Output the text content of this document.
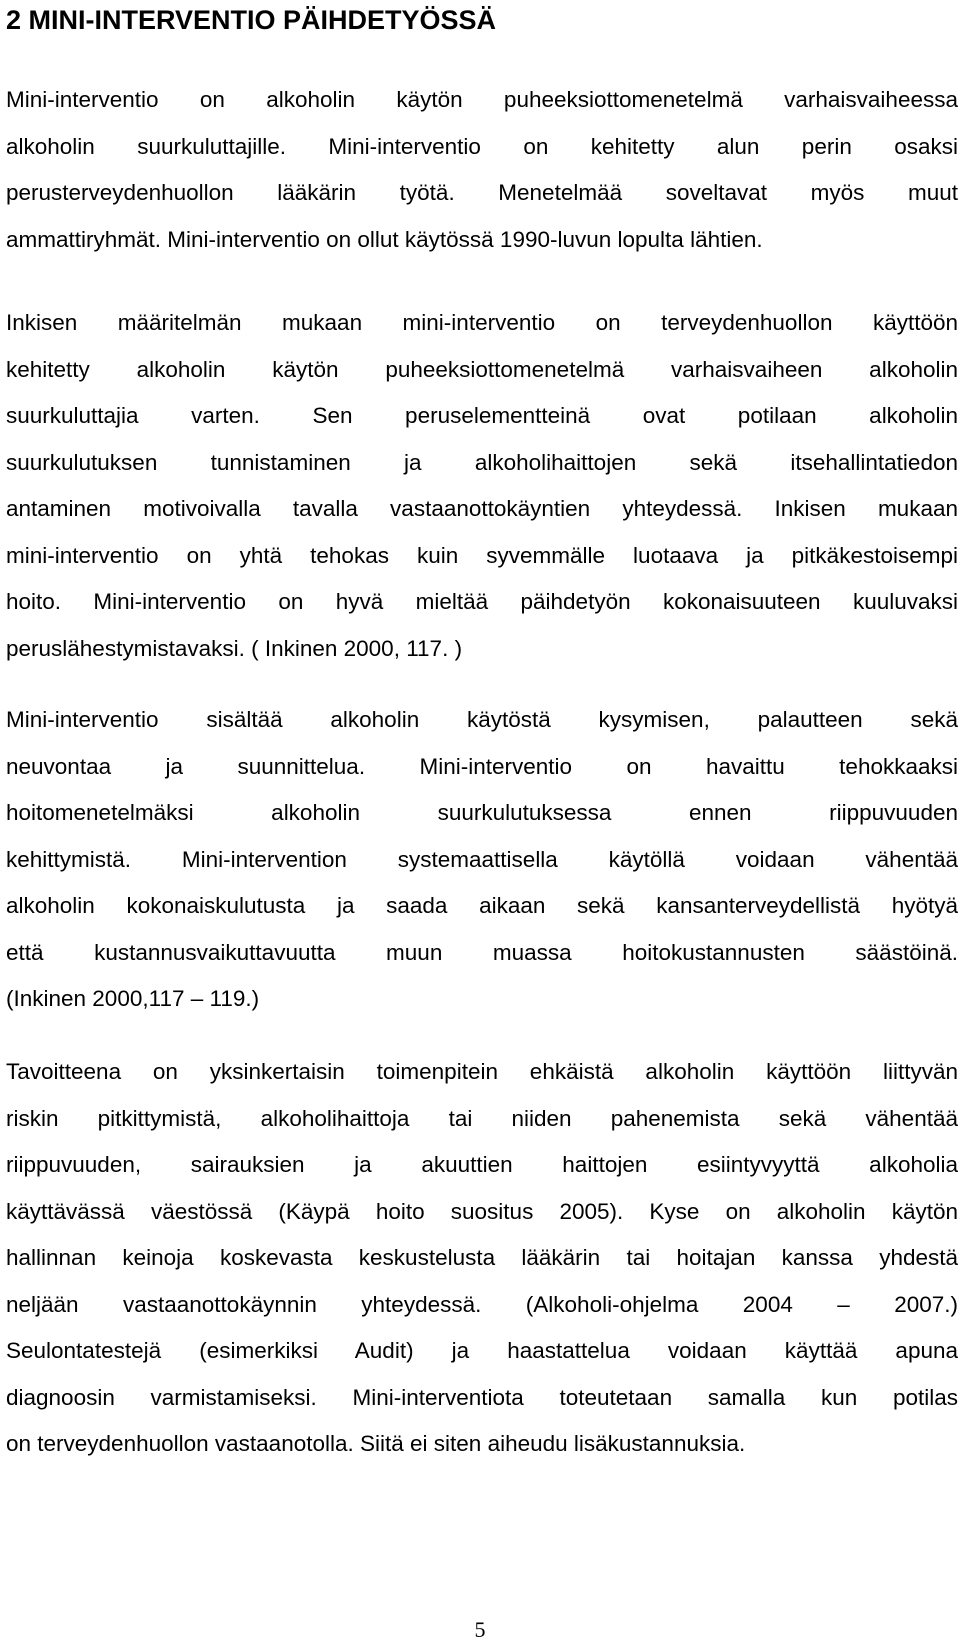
2 MINI-INTERVENTIO PÄIHDETYÖSSÄ
Mini-interventio on alkoholin käytön puheeksiottomenetelmä varhaisvaiheessa
alkoholin suurkuluttajille. Mini-interventio on kehitetty alun perin osaksi
perusterveydenhuollon lääkärin työtä. Menetelmää soveltavat myös muut
ammattiryhmät. Mini-interventio on ollut käytössä 1990-luvun lopulta lähtien.
Inkisen määritelmän mukaan mini-interventio on terveydenhuollon käyttöön
kehitetty alkoholin käytön puheeksiottomenetelmä varhaisvaiheen alkoholin
suurkuluttajia varten. Sen peruselementteinä ovat potilaan alkoholin
suurkulutuksen tunnistaminen ja alkoholihaittojen sekä itsehallintatiedon
antaminen motivoivalla tavalla vastaanottokäyntien yhteydessä. Inkisen mukaan
mini-interventio on yhtä tehokas kuin syvemmälle luotaava ja pitkäkestoisempi
hoito. Mini-interventio on hyvä mieltää päihdetyön kokonaisuuteen kuuluvaksi
peruslähestymistavaksi. ( Inkinen 2000, 117. )
Mini-interventio sisältää alkoholin käytöstä kysymisen, palautteen sekä
neuvontaa ja suunnittelua. Mini-interventio on havaittu tehokkaaksi
hoitomenetelmäksi alkoholin suurkulutuksessa ennen riippuvuuden
kehittymistä. Mini-intervention systemaattisella käytöllä voidaan vähentää
alkoholin kokonaiskulutusta ja saada aikaan sekä kansanterveydellistä hyötyä
että kustannusvaikuttavuutta muun muassa hoitokustannusten säästöinä.
(Inkinen 2000,117 – 119.)
Tavoitteena on yksinkertaisin toimenpitein ehkäistä alkoholin käyttöön liittyvän
riskin pitkittymistä, alkoholihaittoja tai niiden pahenemista sekä vähentää
riippuvuuden, sairauksien ja akuuttien haittojen esiintyvyyttä alkoholia
käyttävässä väestössä (Käypä hoito suositus 2005). Kyse on alkoholin käytön
hallinnan keinoja koskevasta keskustelusta lääkärin tai hoitajan kanssa yhdestä
neljään vastaanottokäynnin yhteydessä. (Alkoholi-ohjelma 2004 – 2007.)
Seulontatestejä (esimerkiksi Audit) ja haastattelua voidaan käyttää apuna
diagnoosin varmistamiseksi. Mini-interventiota toteutetaan samalla kun potilas
on terveydenhuollon vastaanotolla. Siitä ei siten aiheudu lisäkustannuksia.
5
